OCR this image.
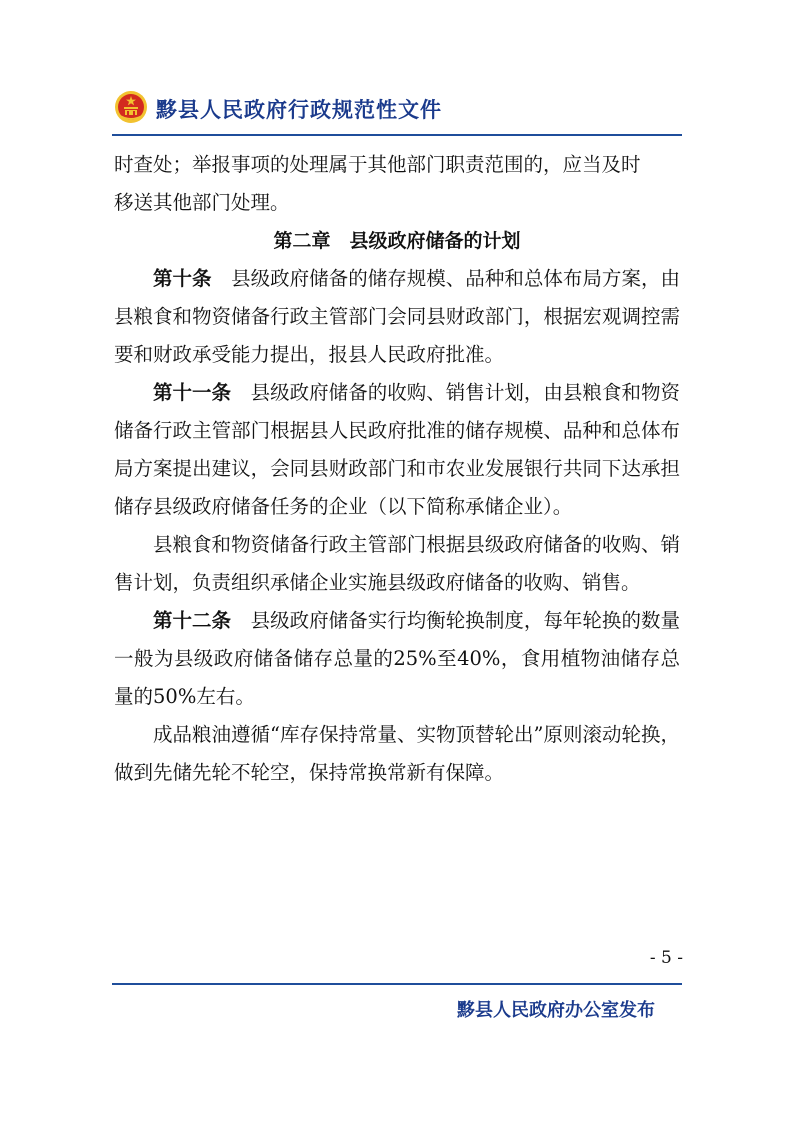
黟县人民政府行政规范性文件

时查处；举报事项的处理属于其他部门职责范围的，应当及时

移送其他部门处理。

第二章　县级政府储备的计划

第十条　 县级政府储备的储存规模、品种和总体布局方案，由县粮食和物资储备行政主管部门会同县财政部门，根据宏观调控需要和财政承受能力提出，报县人民政府批准。

第十一条　 县级政府储备的收购、销售计划，由县粮食和物资储备行政主管部门根据县人民政府批准的储存规模、品种和总体布局方案提出建议，会同县财政部门和市农业发展银行共同下达承担储存县级政府储备任务的企业（以下简称承储企业）。

县粮食和物资储备行政主管部门根据县级政府储备的收购、销售计划，负责组织承储企业实施县级政府储备的收购、销售。

第十二条　 县级政府储备实行均衡轮换制度，每年轮换的数量一般为县级政府储备储存总量的25%至40%，食用植物油储存总量的50%左右。

成品粮油遵循“库存保持常量、实物顶替轮出”原则滚动轮换，做到先储先轮不轮空，保持常换常新有保障。

- 5 -
黟县人民政府办公室发布
